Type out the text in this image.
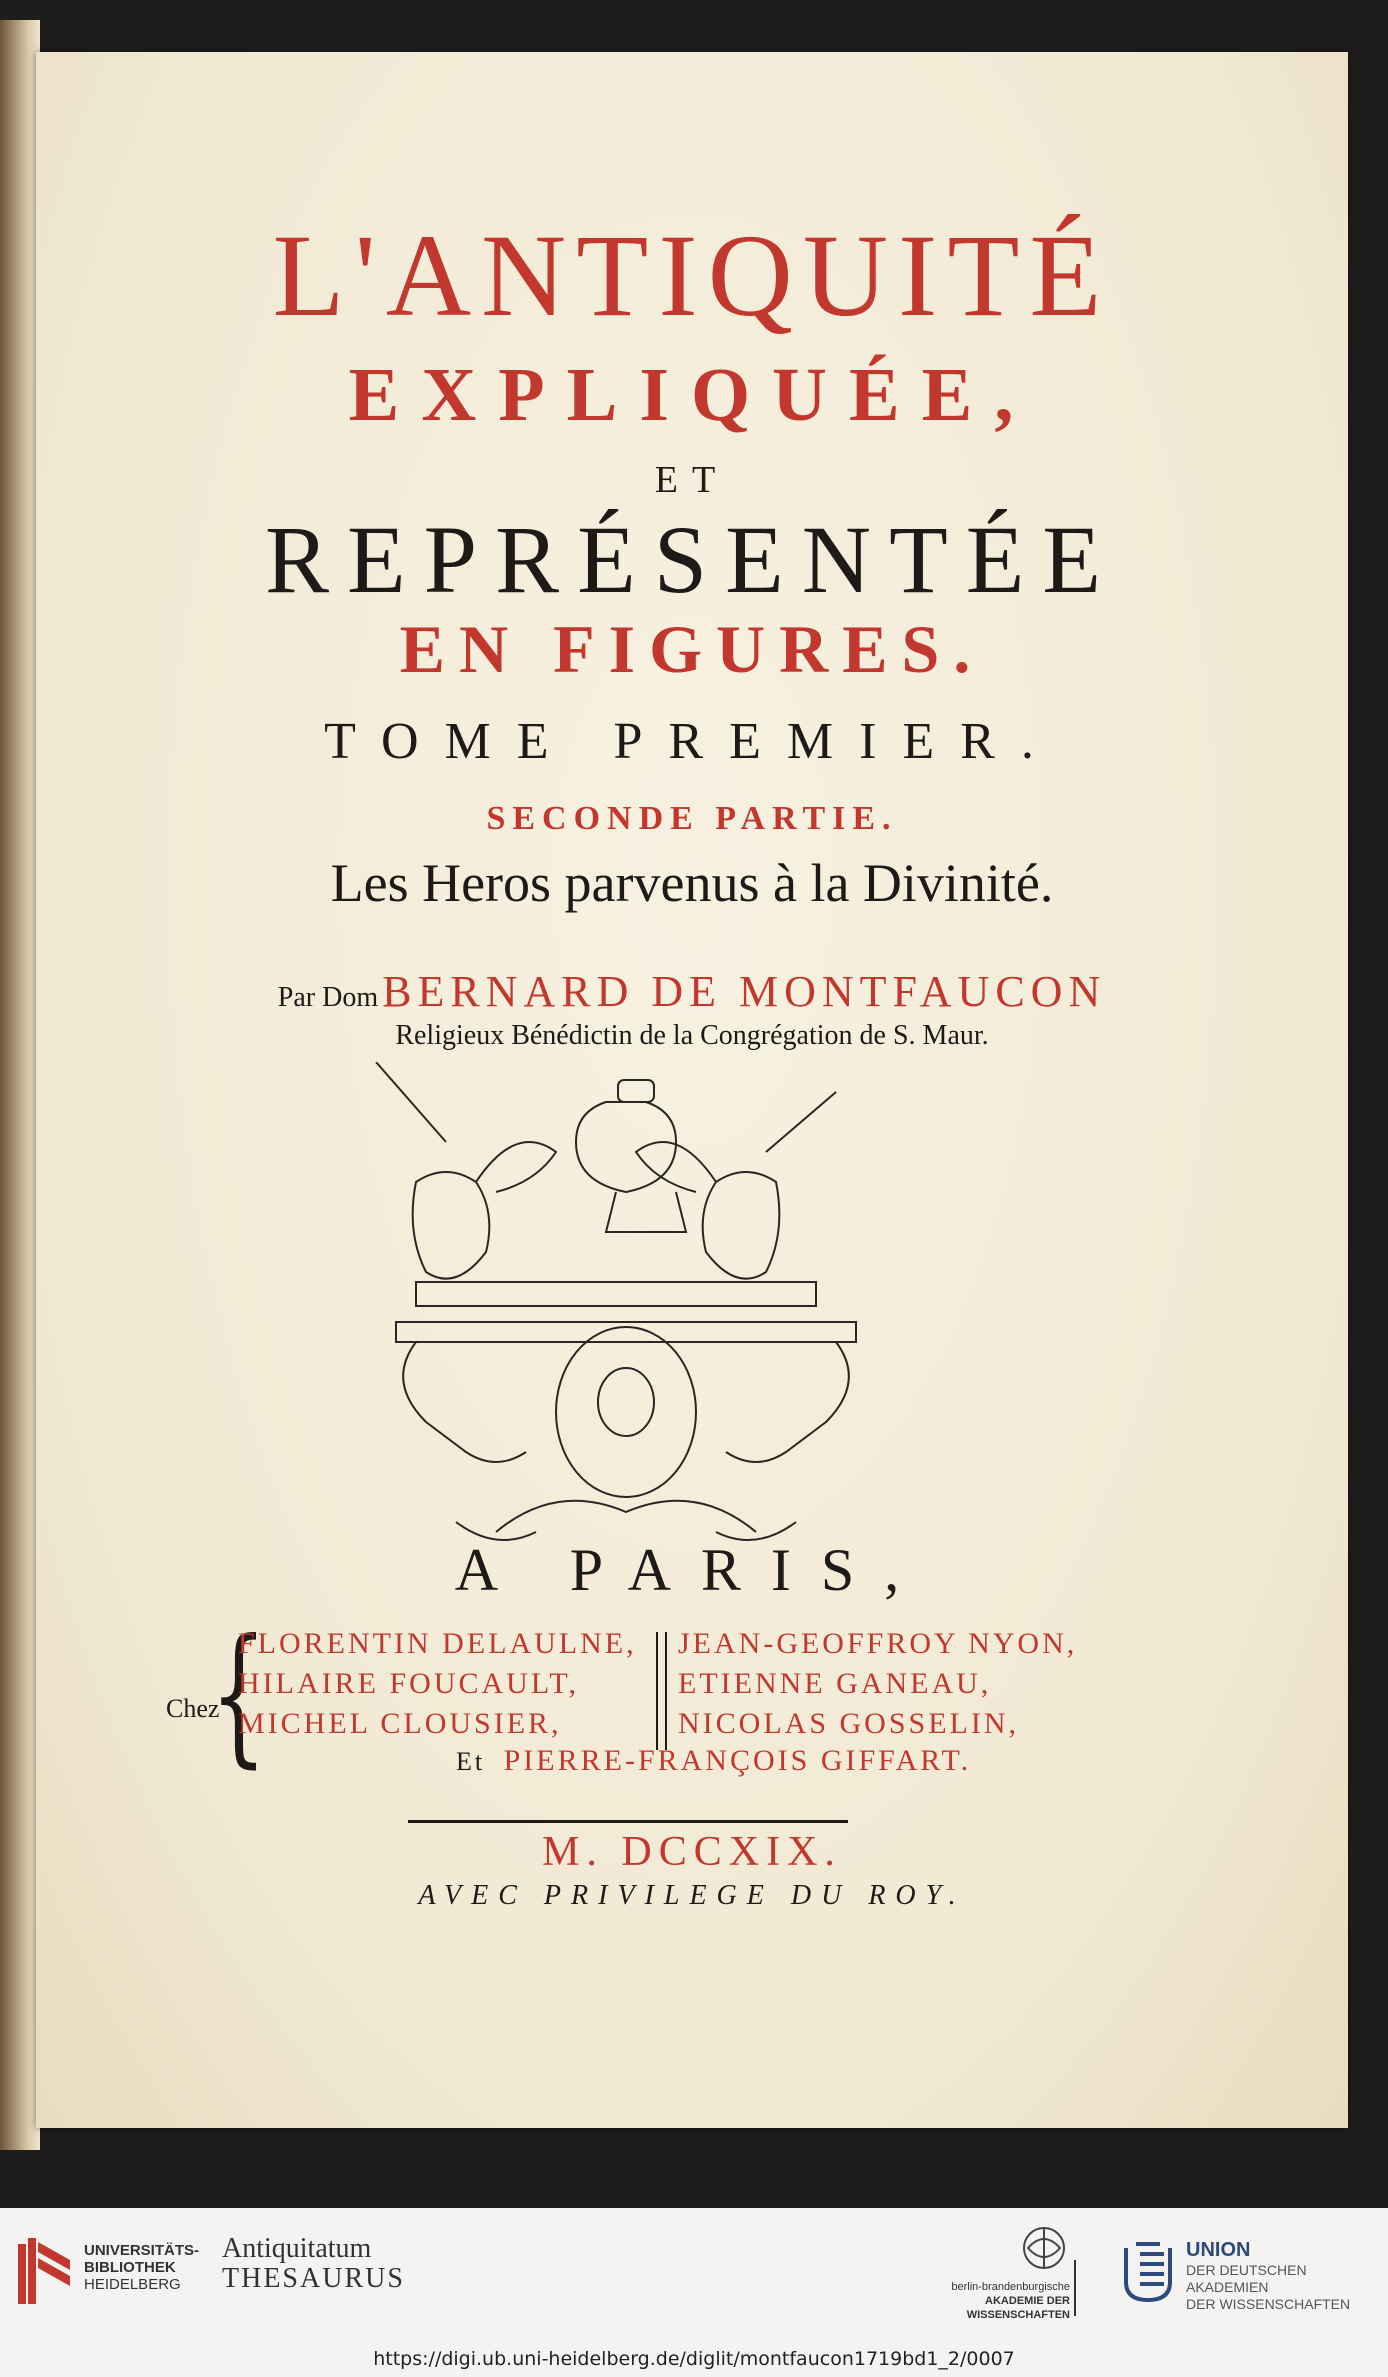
L'ANTIQUITÉ
EXPLIQUÉE,
ET
REPRÉSENTÉE
EN FIGURES.
TOME PREMIER.
SECONDE PARTIE.
Les Heros parvenus à la Divinité.
Par Dom BERNARD DE MONTFAUCON
Religieux Bénédictin de la Congrégation de S. Maur.
A PARIS,
Chez
{
FLORENTIN DELAULNE,
HILAIRE FOUCAULT,
MICHEL CLOUSIER,
JEAN-GEOFFROY NYON,
ETIENNE GANEAU,
NICOLAS GOSSELIN,
Et PIERRE-FRANÇOIS GIFFART.
M. DCCXIX.
AVEC PRIVILEGE DU ROY.
UNIVERSITÄTS-
BIBLIOTHEK
HEIDELBERG
Antiquitatum
THESAURUS	berlin-brandenburgische
AKADEMIE DER WISSENSCHAFTEN
UNION
DER DEUTSCHEN AKADEMIEN
DER WISSENSCHAFTEN
https://digi.ub.uni-heidelberg.de/diglit/montfaucon1719bd1_2/0007
